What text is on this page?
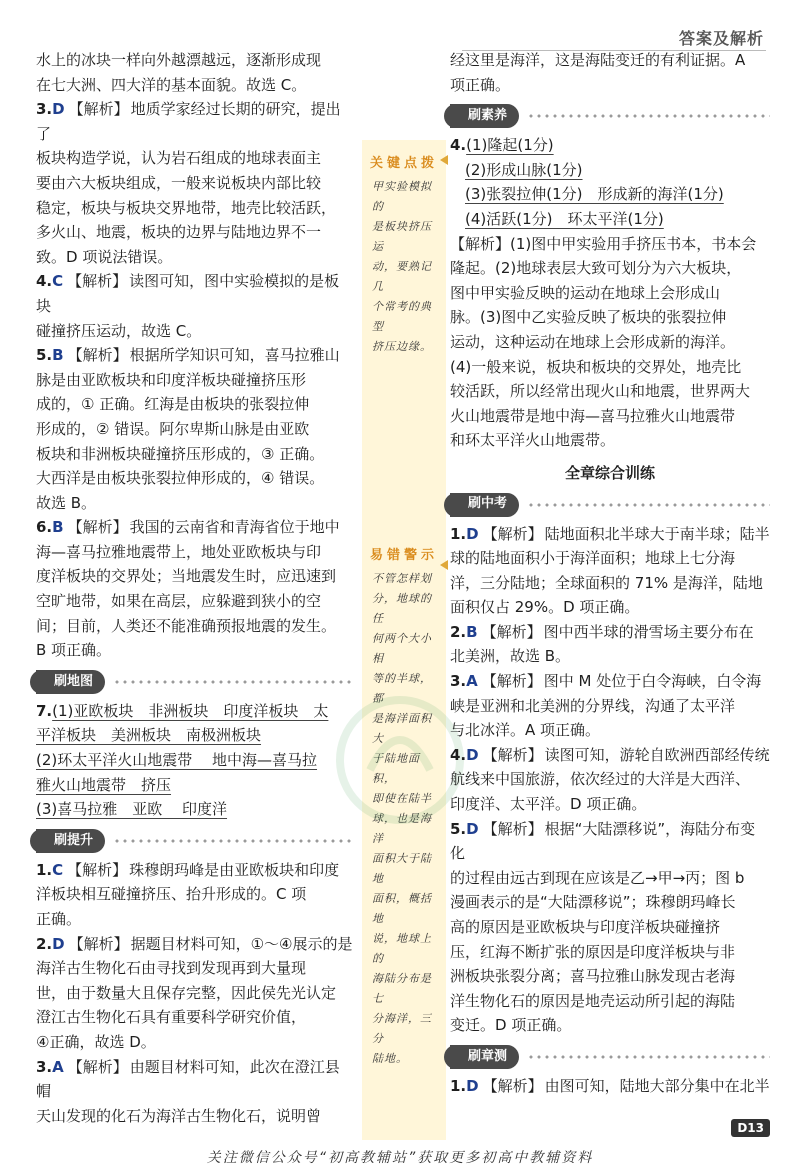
答案及解析
关键点拨
甲实验模拟的
是板块挤压运
动，要熟记几
个常考的典型
挤压边缘。
易错警示
不管怎样划
分，地球的任
何两个大小相
等的半球，都
是海洋面积大
于陆地面积，
即使在陆半
球，也是海洋
面积大于陆地
面积，概括地
说，地球上的
海陆分布是七
分海洋，三分
陆地。
水上的冰块一样向外越漂越远，逐渐形成现
在七大洲、四大洋的基本面貌。故选 C。
3.D 【解析】 地质学家经过长期的研究，提出了
板块构造学说，认为岩石组成的地球表面主
要由六大板块组成，一般来说板块内部比较
稳定，板块与板块交界地带，地壳比较活跃，
多火山、地震，板块的边界与陆地边界不一
致。D 项说法错误。
4.C 【解析】 读图可知，图中实验模拟的是板块
碰撞挤压运动，故选 C。
5.B 【解析】 根据所学知识可知，喜马拉雅山
脉是由亚欧板块和印度洋板块碰撞挤压形
成的，① 正确。红海是由板块的张裂拉伸
形成的，② 错误。阿尔卑斯山脉是由亚欧
板块和非洲板块碰撞挤压形成的，③ 正确。
大西洋是由板块张裂拉伸形成的，④ 错误。
故选 B。
6.B 【解析】 我国的云南省和青海省位于地中
海—喜马拉雅地震带上，地处亚欧板块与印
度洋板块的交界处；当地震发生时，应迅速到
空旷地带，如果在高层，应躲避到狭小的空
间；目前，人类还不能准确预报地震的发生。
B 项正确。
刷地图
7.(1)亚欧板块　非洲板块　印度洋板块　太
平洋板块　美洲板块　南极洲板块
(2)环太平洋火山地震带　 地中海—喜马拉
雅火山地震带　挤压
(3)喜马拉雅　亚欧　 印度洋
刷提升
1.C 【解析】 珠穆朗玛峰是由亚欧板块和印度
洋板块相互碰撞挤压、抬升形成的。C 项
正确。
2.D 【解析】 据题目材料可知，①～④展示的是
海洋古生物化石由寻找到发现再到大量现
世，由于数量大且保存完整，因此侯先光认定
澄江古生物化石具有重要科学研究价值，
④正确，故选 D。
3.A 【解析】 由题目材料可知，此次在澄江县帽
天山发现的化石为海洋古生物化石，说明曾
经这里是海洋，这是海陆变迁的有利证据。A
项正确。
刷素养
4.(1)隆起(1分)
　(2)形成山脉(1分)
　(3)张裂拉伸(1分)　形成新的海洋(1分)
　(4)活跃(1分)　环太平洋(1分)
【解析】(1)图中甲实验用手挤压书本，书本会
隆起。(2)地球表层大致可划分为六大板块，
图中甲实验反映的运动在地球上会形成山
脉。(3)图中乙实验反映了板块的张裂拉伸
运动，这种运动在地球上会形成新的海洋。
(4)一般来说，板块和板块的交界处，地壳比
较活跃，所以经常出现火山和地震，世界两大
火山地震带是地中海—喜马拉雅火山地震带
和环太平洋火山地震带。
全章综合训练
刷中考
1.D 【解析】 陆地面积北半球大于南半球；陆半
球的陆地面积小于海洋面积；地球上七分海
洋，三分陆地；全球面积的 71% 是海洋，陆地
面积仅占 29%。D 项正确。
2.B 【解析】 图中西半球的滑雪场主要分布在
北美洲，故选 B。
3.A 【解析】 图中 M 处位于白令海峡，白令海
峡是亚洲和北美洲的分界线，沟通了太平洋
与北冰洋。A 项正确。
4.D 【解析】 读图可知，游轮自欧洲西部经传统
航线来中国旅游，依次经过的大洋是大西洋、
印度洋、太平洋。D 项正确。
5.D 【解析】 根据“大陆漂移说”，海陆分布变化
的过程由远古到现在应该是乙→甲→丙；图 b
漫画表示的是“大陆漂移说”；珠穆朗玛峰长
高的原因是亚欧板块与印度洋板块碰撞挤
压，红海不断扩张的原因是印度洋板块与非
洲板块张裂分离；喜马拉雅山脉发现古老海
洋生物化石的原因是地壳运动所引起的海陆
变迁。D 项正确。
刷章测
1.D 【解析】 由图可知，陆地大部分集中在北半
D13
关注微信公众号“初高教辅站”获取更多初高中教辅资料
